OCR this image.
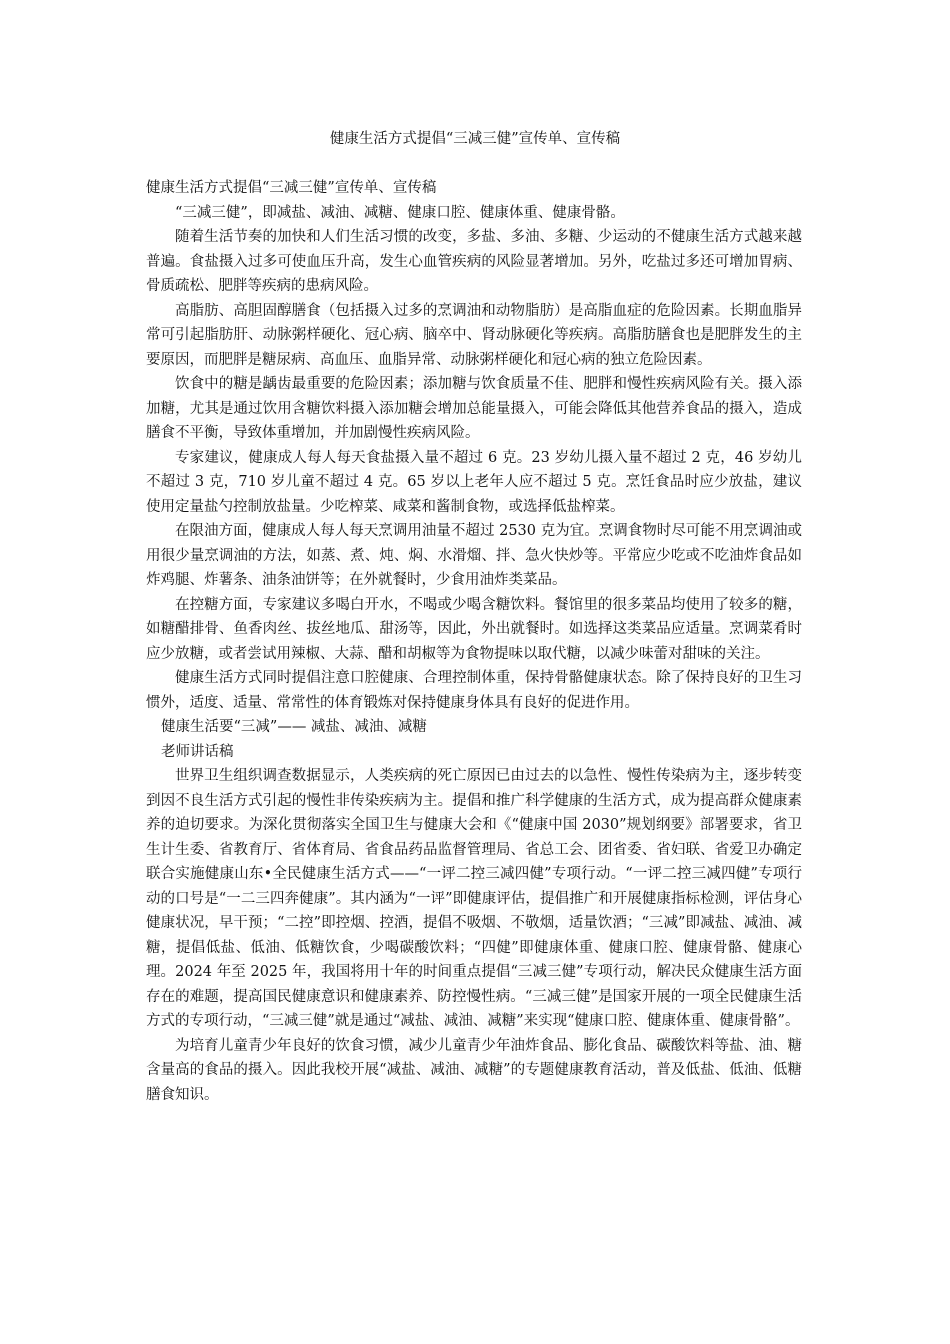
健康生活方式提倡“三减三健”宣传单、宣传稿

健康生活方式提倡“三减三健”宣传单、宣传稿

“三减三健”，即减盐、减油、减糖、健康口腔、健康体重、健康骨骼。

随着生活节奏的加快和人们生活习惯的改变，多盐、多油、多糖、少运动的不健康生活方式越来越普遍。食盐摄入过多可使血压升高，发生心血管疾病的风险显著增加。另外，吃盐过多还可增加胃病、骨质疏松、肥胖等疾病的患病风险。

高脂肪、高胆固醇膳食（包括摄入过多的烹调油和动物脂肪）是高脂血症的危险因素。长期血脂异常可引起脂肪肝、动脉粥样硬化、冠心病、脑卒中、肾动脉硬化等疾病。高脂肪膳食也是肥胖发生的主要原因，而肥胖是糖尿病、高血压、血脂异常、动脉粥样硬化和冠心病的独立危险因素。

饮食中的糖是龋齿最重要的危险因素；添加糖与饮食质量不佳、肥胖和慢性疾病风险有关。摄入添加糖，尤其是通过饮用含糖饮料摄入添加糖会增加总能量摄入，可能会降低其他营养食品的摄入，造成膳食不平衡，导致体重增加，并加剧慢性疾病风险。

专家建议，健康成人每人每天食盐摄入量不超过 6 克。23 岁幼儿摄入量不超过 2 克，46 岁幼儿不超过 3 克，710 岁儿童不超过 4 克。65 岁以上老年人应不超过 5 克。烹饪食品时应少放盐，建议使用定量盐勺控制放盐量。少吃榨菜、咸菜和酱制食物，或选择低盐榨菜。

在限油方面，健康成人每人每天烹调用油量不超过 2530 克为宜。烹调食物时尽可能不用烹调油或用很少量烹调油的方法，如蒸、煮、炖、焖、水滑熘、拌、急火快炒等。平常应少吃或不吃油炸食品如炸鸡腿、炸薯条、油条油饼等；在外就餐时，少食用油炸类菜品。

在控糖方面，专家建议多喝白开水，不喝或少喝含糖饮料。餐馆里的很多菜品均使用了较多的糖，如糖醋排骨、鱼香肉丝、拔丝地瓜、甜汤等，因此，外出就餐时。如选择这类菜品应适量。烹调菜肴时应少放糖，或者尝试用辣椒、大蒜、醋和胡椒等为食物提味以取代糖，以减少味蕾对甜味的关注。

健康生活方式同时提倡注意口腔健康、合理控制体重，保持骨骼健康状态。除了保持良好的卫生习惯外，适度、适量、常常性的体育锻炼对保持健康身体具有良好的促进作用。

健康生活要“三减”—— 减盐、减油、减糖

老师讲话稿

世界卫生组织调查数据显示，人类疾病的死亡原因已由过去的以急性、慢性传染病为主，逐步转变到因不良生活方式引起的慢性非传染疾病为主。提倡和推广科学健康的生活方式，成为提高群众健康素养的迫切要求。为深化贯彻落实全国卫生与健康大会和《“健康中国 2030”规划纲要》部署要求，省卫生计生委、省教育厅、省体育局、省食品药品监督管理局、省总工会、团省委、省妇联、省爱卫办确定联合实施健康山东•全民健康生活方式——“一评二控三减四健”专项行动。“一评二控三减四健”专项行动的口号是“一二三四奔健康”。其内涵为“一评”即健康评估，提倡推广和开展健康指标检测，评估身心健康状况，早干预；“二控”即控烟、控酒，提倡不吸烟、不敬烟，适量饮酒；“三减”即减盐、减油、减糖，提倡低盐、低油、低糖饮食，少喝碳酸饮料；“四健”即健康体重、健康口腔、健康骨骼、健康心理。2024 年至 2025 年，我国将用十年的时间重点提倡“三减三健”专项行动，解决民众健康生活方面存在的难题，提高国民健康意识和健康素养、防控慢性病。“三减三健”是国家开展的一项全民健康生活方式的专项行动，“三减三健”就是通过“减盐、减油、减糖”来实现“健康口腔、健康体重、健康骨骼”。

为培育儿童青少年良好的饮食习惯，减少儿童青少年油炸食品、膨化食品、碳酸饮料等盐、油、糖含量高的食品的摄入。因此我校开展“减盐、减油、减糖”的专题健康教育活动，普及低盐、低油、低糖膳食知识。
